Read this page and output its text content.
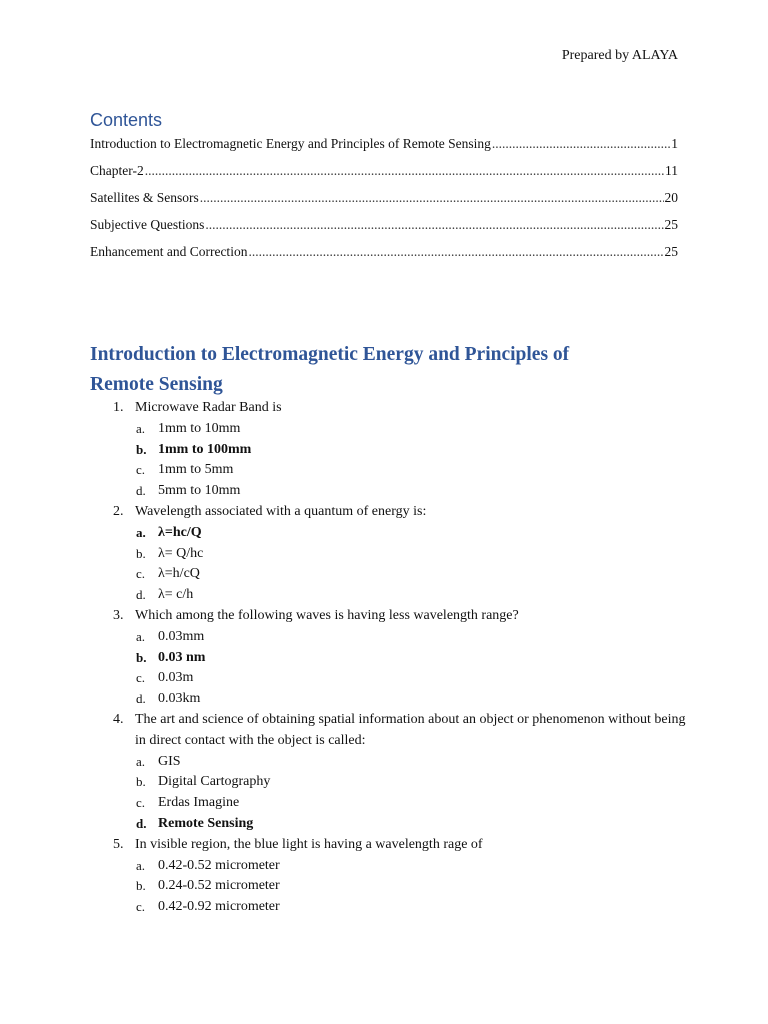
Prepared by ALAYA
Contents
Introduction to Electromagnetic Energy and Principles of Remote Sensing .....	1
Chapter-2 .....	11
Satellites & Sensors .....	20
Subjective Questions .....	25
Enhancement and Correction .....	25
Introduction to Electromagnetic Energy and Principles of
Remote Sensing
1. Microwave Radar Band is
a. 1mm to 10mm
b. 1mm to 100mm
c. 1mm to 5mm
d. 5mm to 10mm
2. Wavelength associated with a quantum of energy is:
a. λ=hc/Q
b. λ= Q/hc
c. λ=h/cQ
d. λ= c/h
3. Which among the following waves is having less wavelength range?
a. 0.03mm
b. 0.03 nm
c. 0.03m
d. 0.03km
4. The art and science of obtaining spatial information about an object or phenomenon without being in direct contact with the object is called:
a. GIS
b. Digital Cartography
c. Erdas Imagine
d. Remote Sensing
5. In visible region, the blue light is having a wavelength rage of
a. 0.42-0.52 micrometer
b. 0.24-0.52 micrometer
c. 0.42-0.92 micrometer
